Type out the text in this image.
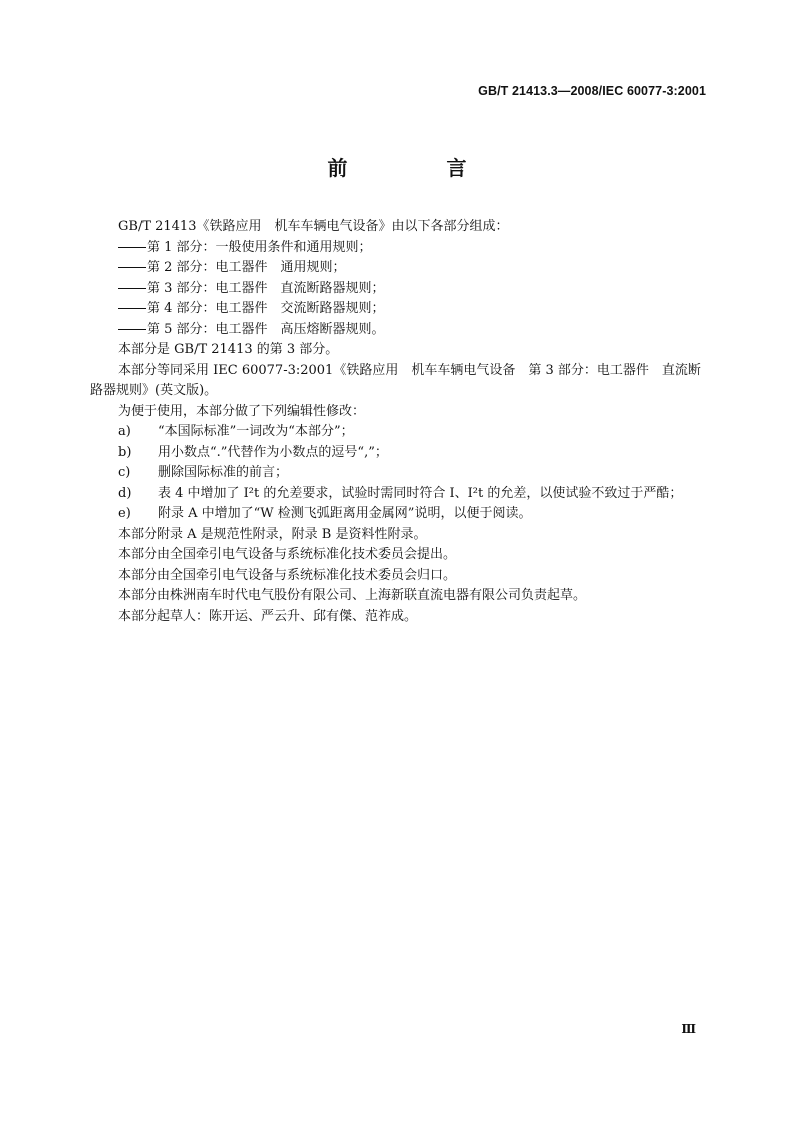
GB/T 21413.3—2008/IEC 60077-3:2001
前 言

GB/T 21413《铁路应用　机车车辆电气设备》由以下各部分组成：

第 1 部分：一般使用条件和通用规则；

第 2 部分：电工器件　通用规则；

第 3 部分：电工器件　直流断路器规则；

第 4 部分：电工器件　交流断路器规则；

第 5 部分：电工器件　高压熔断器规则。

本部分是 GB/T 21413 的第 3 部分。

本部分等同采用 IEC 60077-3:2001《铁路应用　机车车辆电气设备　第 3 部分：电工器件　直流断

路器规则》(英文版)。

为便于使用，本部分做了下列编辑性修改：

a) “本国际标准”一词改为“本部分”；

b) 用小数点“.”代替作为小数点的逗号“,”；

c) 删除国际标准的前言；

d) 表 4 中增加了 I²t 的允差要求，试验时需同时符合 I、I²t 的允差，以使试验不致过于严酷；

e) 附录 A 中增加了“W 检测飞弧距离用金属网”说明，以便于阅读。

本部分附录 A 是规范性附录，附录 B 是资料性附录。

本部分由全国牵引电气设备与系统标准化技术委员会提出。

本部分由全国牵引电气设备与系统标准化技术委员会归口。

本部分由株洲南车时代电气股份有限公司、上海新联直流电器有限公司负责起草。

本部分起草人：陈开运、严云升、邱有傑、范祚成。

Ⅲ
